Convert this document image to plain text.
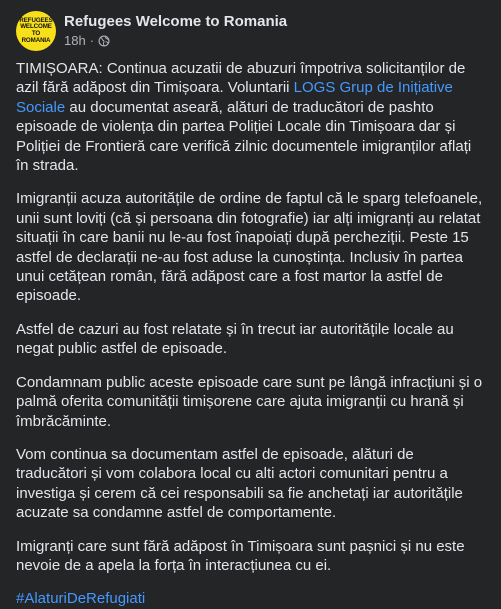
REFUGEES
WELCOME
TO
ROMANIA
Refugees Welcome to Romania
18h ·

TIMIȘOARA: Continua acuzatii de abuzuri împotriva solicitanților de azil fără adăpost din Timișoara. Voluntarii LOGS Grup de Inițiative Sociale au documentat aseară, alături de traducători de pashto episoade de violența din partea Poliției Locale din Timișoara dar și Poliției de Frontieră care verifică zilnic documentele imigranților aflați în strada.

Imigranții acuza autoritățile de ordine de faptul că le sparg telefoanele, unii sunt loviți (că și persoana din fotografie) iar alți imigranți au relatat situații în care banii nu le-au fost înapoiați după percheziții. Peste 15 astfel de declarații ne-au fost aduse la cunoștința. Inclusiv în partea unui cetățean român, fără adăpost care a fost martor la astfel de episoade.

Astfel de cazuri au fost relatate și în trecut iar autoritățile locale au negat public astfel de episoade.

Condamnam public aceste episoade care sunt pe lângă infracțiuni și o palmă oferita comunității timișorene care ajuta imigranții cu hrană și îmbrăcăminte.

Vom continua sa documentam astfel de episoade, alături de traducători și vom colabora local cu alti actori comunitari pentru a investiga și cerem că cei responsabili sa fie anchetați iar autoritățile acuzate sa condamne astfel de comportamente.

Imigranți care sunt fără adăpost în Timișoara sunt pașnici și nu este nevoie de a apela la forța în interacțiunea cu ei.

#AlaturiDeRefugiati
